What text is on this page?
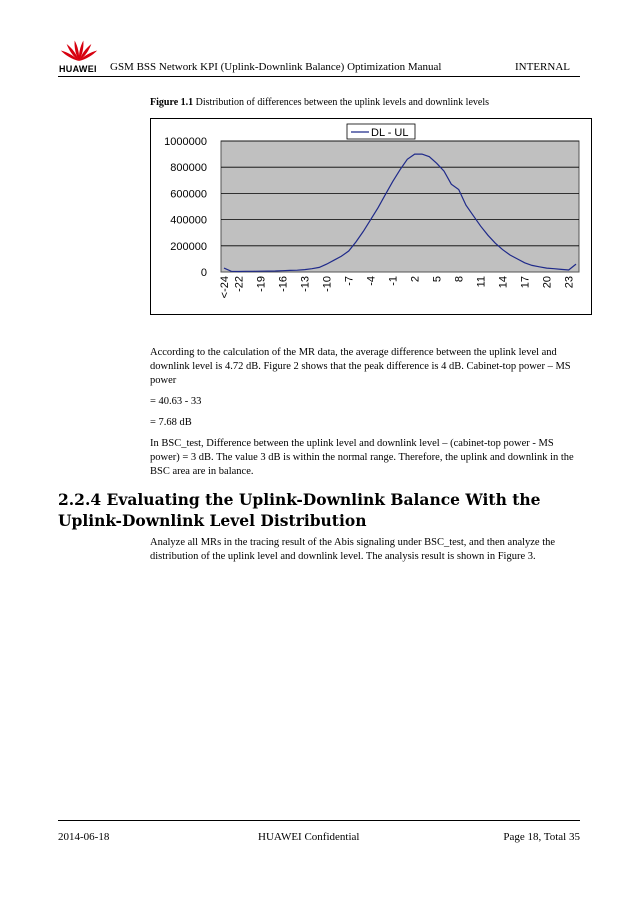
HUAWEI GSM BSS Network KPI (Uplink-Downlink Balance) Optimization Manual	INTERNAL
Figure 1.1 Distribution of differences between the uplink levels and downlink levels
0
200000
400000
600000
800000
1000000
<-24 -22 -19 -16 -13 -10 -7 -4 -1 2 5 8 11 14 17 20 23
DL - UL

According to the calculation of the MR data, the average difference between the uplink level and downlink level is 4.72 dB. Figure 2 shows that the peak difference is 4 dB. Cabinet-top power – MS power

= 40.63 - 33

= 7.68 dB

In BSC_test, Difference between the uplink level and downlink level – (cabinet-top power - MS power) = 3 dB. The value 3 dB is within the normal range. Therefore, the uplink and downlink in the BSC area are in balance.

2.2.4 Evaluating the Uplink-Downlink Balance With the Uplink-Downlink Level Distribution

Analyze all MRs in the tracing result of the Abis signaling under BSC_test, and then analyze the distribution of the uplink level and downlink level. The analysis result is shown in Figure 3.

2014-06-18	HUAWEI Confidential	Page 18, Total 35
